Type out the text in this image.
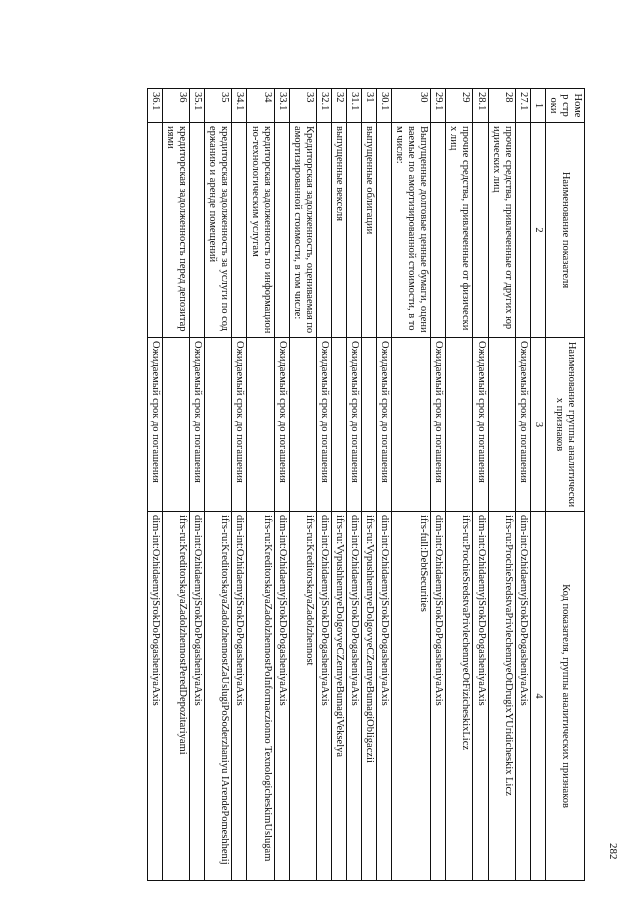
282
Номер строки	Наименование показателя	Наименование группы аналитических признаков	Код показателя, группы аналитических признаков
1	2	3	4
27.1		Ожидаемый срок до погашения	dim-int:OzhidaemyjSrokDoPogasheniyaAxis
28	прочие средства, привлеченные от других юридических лиц		ifrs-ru:ProchieSredstvaPrivlechennyeOtDrugixYUridicheskix Licz
28.1		Ожидаемый срок до погашения	dim-int:OzhidaemyjSrokDoPogasheniyaAxis
29	прочие средства, привлеченные от физических лиц		ifrs-ru:ProchieSredstvaPrivlechennyeOtFizicheskixLicz
29.1		Ожидаемый срок до погашения	dim-int:OzhidaemyjSrokDoPogasheniyaAxis
30	Выпущенные долговые ценные бумаги, оцениваемые по амортизированной стоимости, в том числе:		ifrs-full:DebtSecurities
30.1		Ожидаемый срок до погашения	dim-int:OzhidaemyjSrokDoPogasheniyaAxis
31	выпущенные облигации		ifrs-ru:VypushhennyeDolgovyeCZennyeBumagiObligaczii
31.1		Ожидаемый срок до погашения	dim-int:OzhidaemyjSrokDoPogasheniyaAxis
32	выпущенные векселя		ifrs-ru:VypushhennyeDolgovyeCZennyeBumagiVekselya
32.1		Ожидаемый срок до погашения	dim-int:OzhidaemyjSrokDoPogasheniyaAxis
33	Кредиторская задолженность, оцениваемая по амортизированной стоимости, в том числе:		ifrs-ru:KreditorskayaZadolzhennost
33.1		Ожидаемый срок до погашения	dim-int:OzhidaemyjSrokDoPogasheniyaAxis
34	кредиторская задолженность по информационно-технологическим услугам		ifrs-ru:KreditorskayaZadolzhennostPoInformaczionno TexnologicheskimUslugam
34.1		Ожидаемый срок до погашения	dim-int:OzhidaemyjSrokDoPogasheniyaAxis
35	кредиторская задолженность за услуги по содержанию и аренде помещений		ifrs-ru:KreditorskayaZadolzhennostZaUslugiPoSoderzhaniyu IArendePomeshhenij
35.1		Ожидаемый срок до погашения	dim-int:OzhidaemyjSrokDoPogasheniyaAxis
36	кредиторская задолженность перед депозитариями		ifrs-ru:KreditorskayaZadolzhennostPeredDepozitariyami
36.1		Ожидаемый срок до погашения	dim-int:OzhidaemyjSrokDoPogasheniyaAxis
